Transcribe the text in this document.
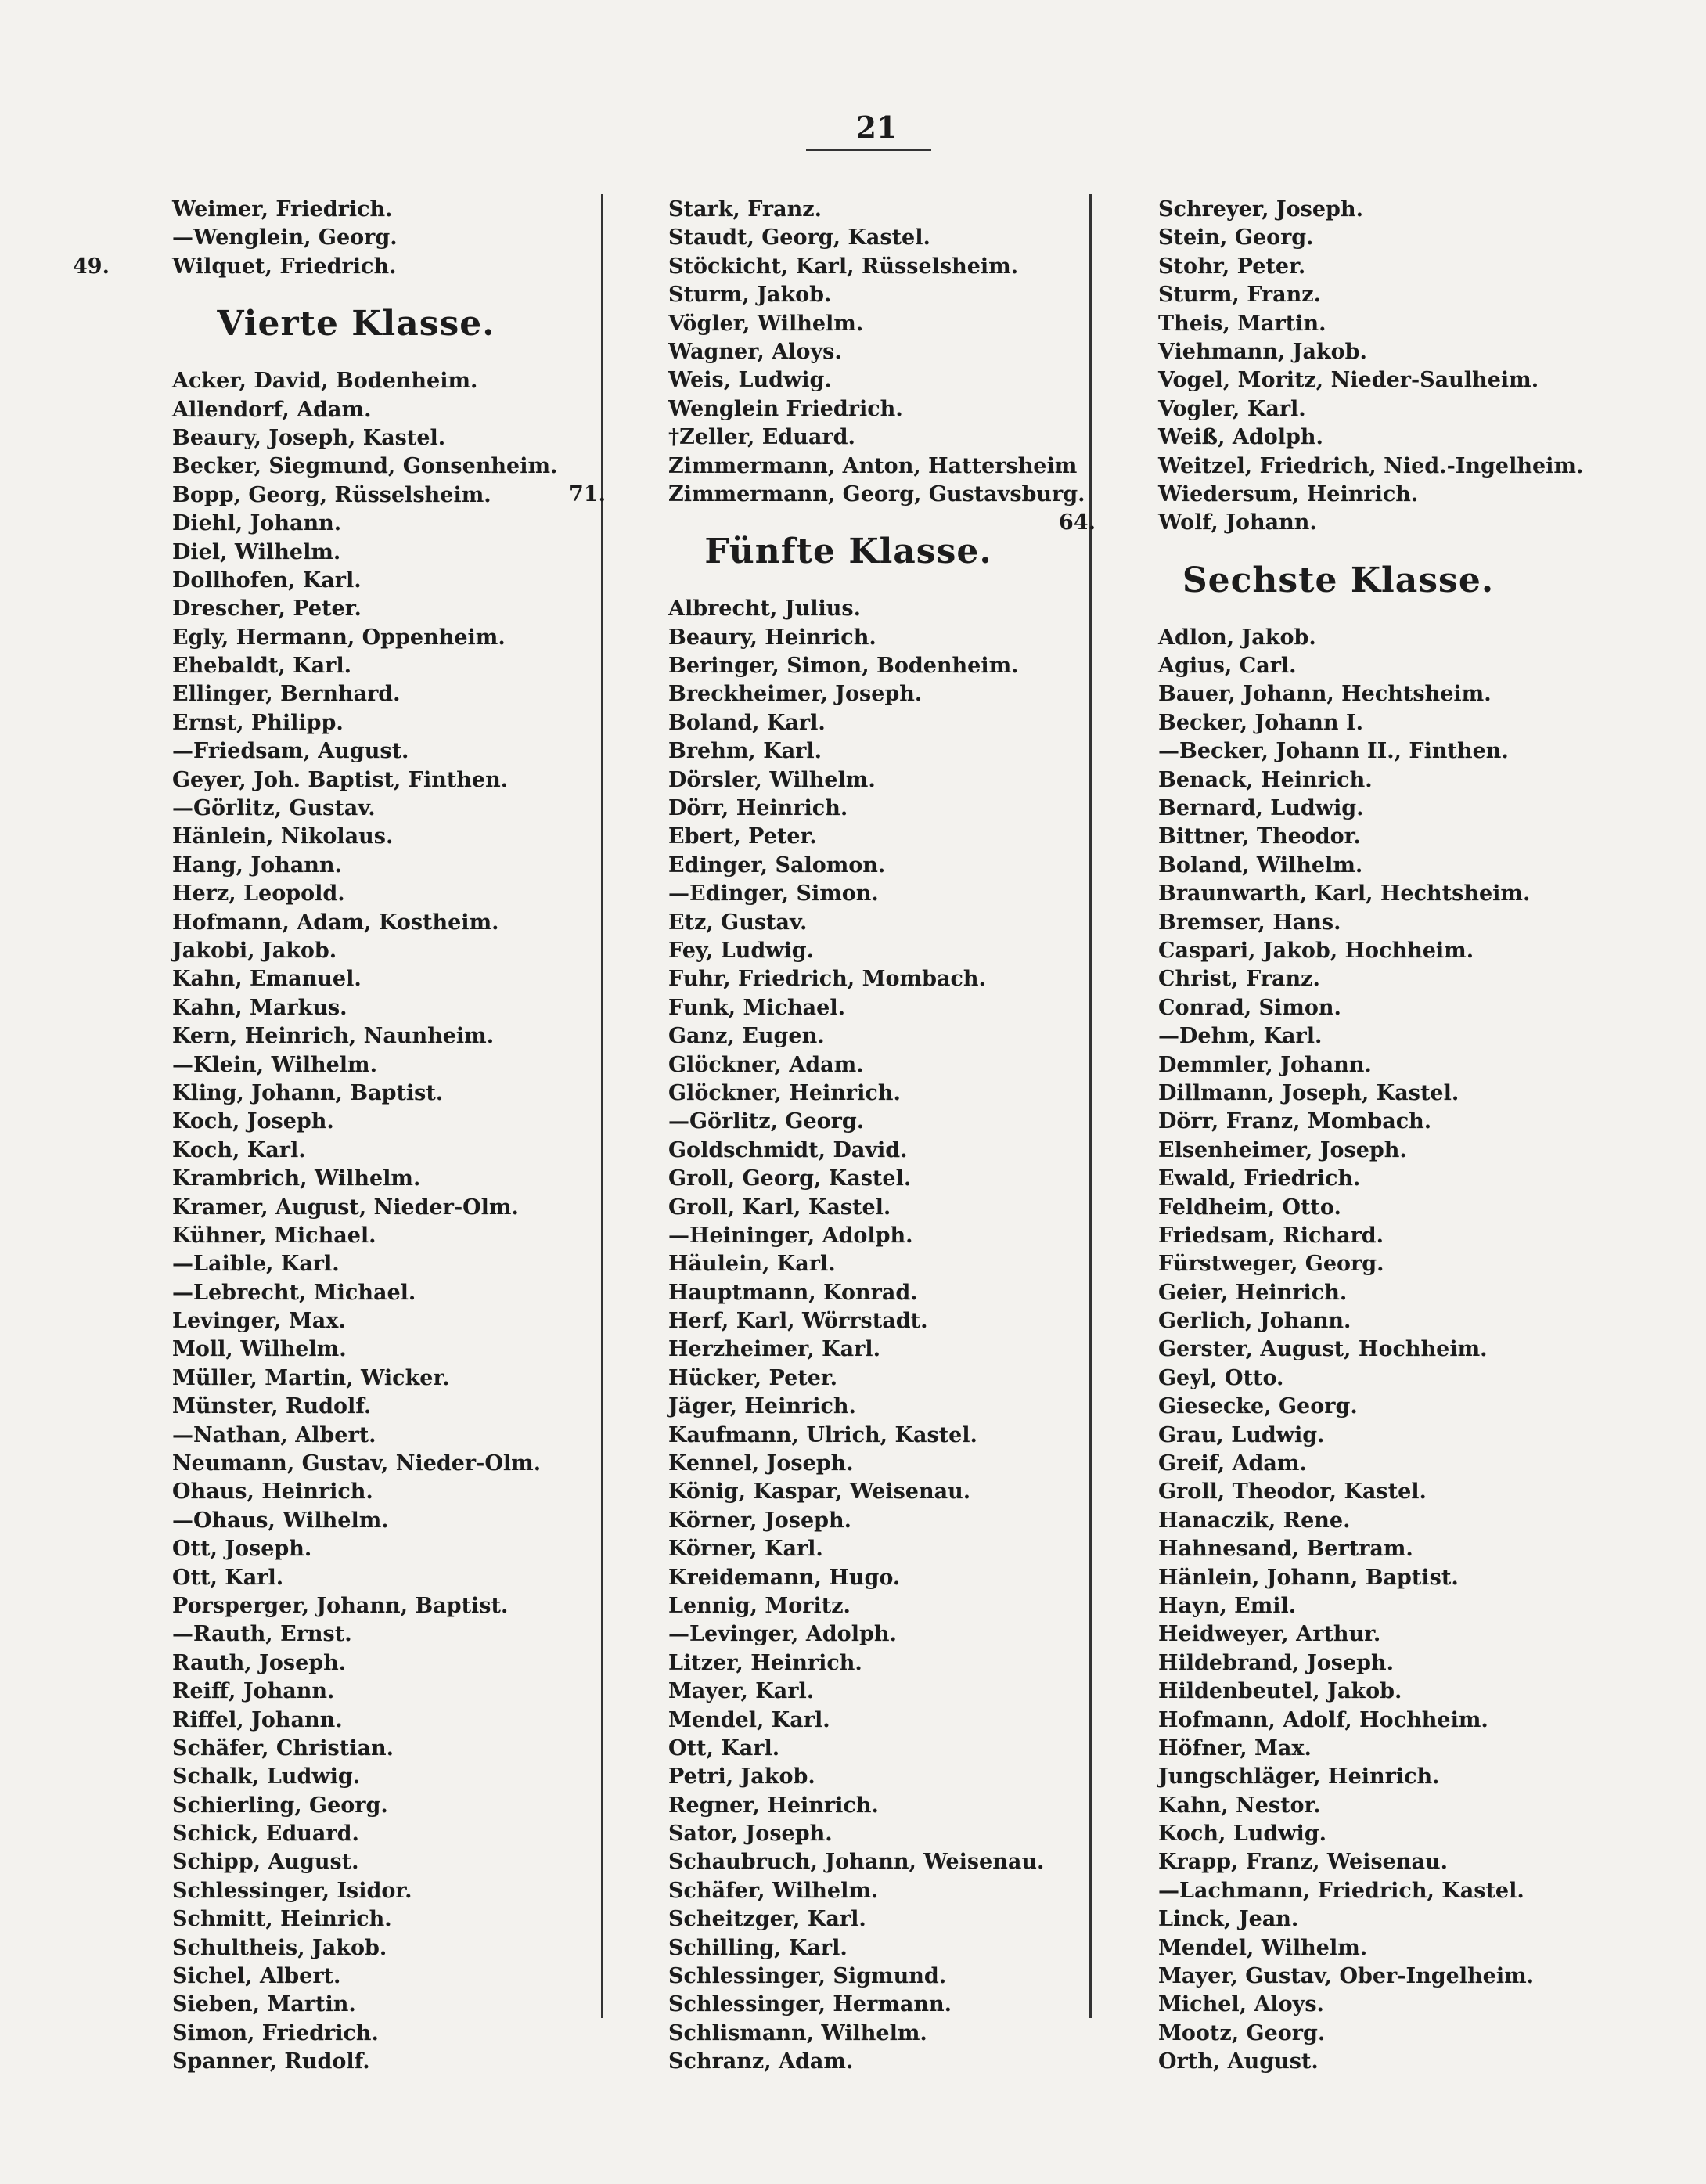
21
Weimer, Friedrich.
—Wenglein, Georg.
49.	Wilquet, Friedrich.
Vierte Klasse.
Acker, David, Bodenheim.
Allendorf, Adam.
Beaury, Joseph, Kastel.
Becker, Siegmund, Gonsenheim.
Bopp, Georg, Rüsselsheim.
Diehl, Johann.
Diel, Wilhelm.
Dollhofen, Karl.
Drescher, Peter.
Egly, Hermann, Oppenheim.
Ehebaldt, Karl.
Ellinger, Bernhard.
Ernst, Philipp.
—Friedsam, August.
Geyer, Joh. Baptist, Finthen.
—Görlitz, Gustav.
Hänlein, Nikolaus.
Hang, Johann.
Herz, Leopold.
Hofmann, Adam, Kostheim.
Jakobi, Jakob.
Kahn, Emanuel.
Kahn, Markus.
Kern, Heinrich, Naunheim.
—Klein, Wilhelm.
Kling, Johann, Baptist.
Koch, Joseph.
Koch, Karl.
Krambrich, Wilhelm.
Kramer, August, Nieder-Olm.
Kühner, Michael.
—Laible, Karl.
—Lebrecht, Michael.
Levinger, Max.
Moll, Wilhelm.
Müller, Martin, Wicker.
Münster, Rudolf.
—Nathan, Albert.
Neumann, Gustav, Nieder-Olm.
Ohaus, Heinrich.
—Ohaus, Wilhelm.
Ott, Joseph.
Ott, Karl.
Porsperger, Johann, Baptist.
—Rauth, Ernst.
Rauth, Joseph.
Reiff, Johann.
Riffel, Johann.
Schäfer, Christian.
Schalk, Ludwig.
Schierling, Georg.
Schick, Eduard.
Schipp, August.
Schlessinger, Isidor.
Schmitt, Heinrich.
Schultheis, Jakob.
Sichel, Albert.
Sieben, Martin.
Simon, Friedrich.
Spanner, Rudolf.
Stark, Franz.
Staudt, Georg, Kastel.
Stöckicht, Karl, Rüsselsheim.
Sturm, Jakob.
Vögler, Wilhelm.
Wagner, Aloys.
Weis, Ludwig.
Wenglein Friedrich.
†Zeller, Eduard.
Zimmermann, Anton, Hattersheim
71.	Zimmermann, Georg, Gustavsburg.
Fünfte Klasse.
Albrecht, Julius.
Beaury, Heinrich.
Beringer, Simon, Bodenheim.
Breckheimer, Joseph.
Boland, Karl.
Brehm, Karl.
Dörsler, Wilhelm.
Dörr, Heinrich.
Ebert, Peter.
Edinger, Salomon.
—Edinger, Simon.
Etz, Gustav.
Fey, Ludwig.
Fuhr, Friedrich, Mombach.
Funk, Michael.
Ganz, Eugen.
Glöckner, Adam.
Glöckner, Heinrich.
—Görlitz, Georg.
Goldschmidt, David.
Groll, Georg, Kastel.
Groll, Karl, Kastel.
—Heininger, Adolph.
Häulein, Karl.
Hauptmann, Konrad.
Herf, Karl, Wörrstadt.
Herzheimer, Karl.
Hücker, Peter.
Jäger, Heinrich.
Kaufmann, Ulrich, Kastel.
Kennel, Joseph.
König, Kaspar, Weisenau.
Körner, Joseph.
Körner, Karl.
Kreidemann, Hugo.
Lennig, Moritz.
—Levinger, Adolph.
Litzer, Heinrich.
Mayer, Karl.
Mendel, Karl.
Ott, Karl.
Petri, Jakob.
Regner, Heinrich.
Sator, Joseph.
Schaubruch, Johann, Weisenau.
Schäfer, Wilhelm.
Scheitzger, Karl.
Schilling, Karl.
Schlessinger, Sigmund.
Schlessinger, Hermann.
Schlismann, Wilhelm.
Schranz, Adam.
Schreyer, Joseph.
Stein, Georg.
Stohr, Peter.
Sturm, Franz.
Theis, Martin.
Viehmann, Jakob.
Vogel, Moritz, Nieder-Saulheim.
Vogler, Karl.
Weiß, Adolph.
Weitzel, Friedrich, Nied.-Ingelheim.
Wiedersum, Heinrich.
64.	Wolf, Johann.
Sechste Klasse.
Adlon, Jakob.
Agius, Carl.
Bauer, Johann, Hechtsheim.
Becker, Johann I.
—Becker, Johann II., Finthen.
Benack, Heinrich.
Bernard, Ludwig.
Bittner, Theodor.
Boland, Wilhelm.
Braunwarth, Karl, Hechtsheim.
Bremser, Hans.
Caspari, Jakob, Hochheim.
Christ, Franz.
Conrad, Simon.
—Dehm, Karl.
Demmler, Johann.
Dillmann, Joseph, Kastel.
Dörr, Franz, Mombach.
Elsenheimer, Joseph.
Ewald, Friedrich.
Feldheim, Otto.
Friedsam, Richard.
Fürstweger, Georg.
Geier, Heinrich.
Gerlich, Johann.
Gerster, August, Hochheim.
Geyl, Otto.
Giesecke, Georg.
Grau, Ludwig.
Greif, Adam.
Groll, Theodor, Kastel.
Hanaczik, Rene.
Hahnesand, Bertram.
Hänlein, Johann, Baptist.
Hayn, Emil.
Heidweyer, Arthur.
Hildebrand, Joseph.
Hildenbeutel, Jakob.
Hofmann, Adolf, Hochheim.
Höfner, Max.
Jungschläger, Heinrich.
Kahn, Nestor.
Koch, Ludwig.
Krapp, Franz, Weisenau.
—Lachmann, Friedrich, Kastel.
Linck, Jean.
Mendel, Wilhelm.
Mayer, Gustav, Ober-Ingelheim.
Michel, Aloys.
Mootz, Georg.
Orth, August.
